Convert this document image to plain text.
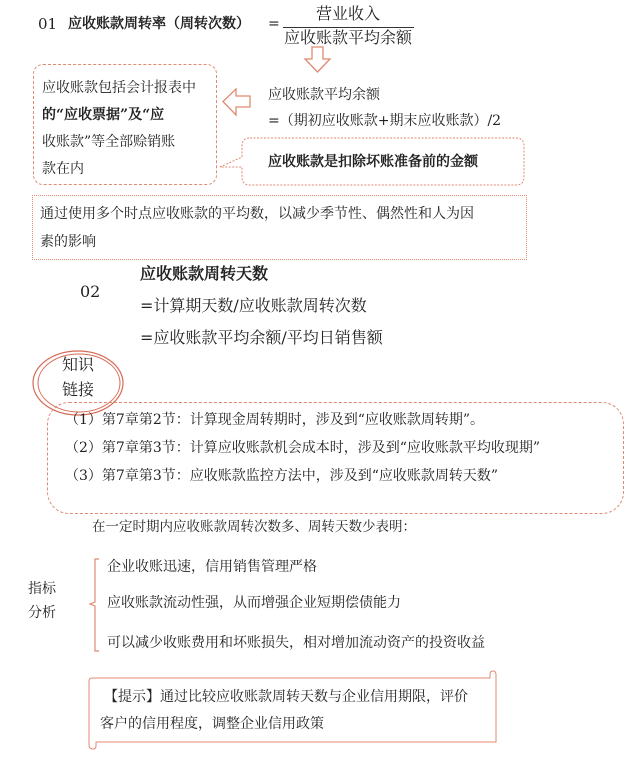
01 应收账款周转率（周转次数） =
营业收入
应收账款平均余额
应收账款包括会计报表中
的“应收票据”及“应
收账款”等全部赊销账
款在内
应收账款平均余额
=（期初应收账款+期末应收账款）/2
应收账款是扣除坏账准备前的金额
通过使用多个时点应收账款的平均数，以减少季节性、偶然性和人为因
素的影响
02
应收账款周转天数
=计算期天数/应收账款周转次数
=应收账款平均余额/平均日销售额
知识
链接
（1）第7章第2节：计算现金周转期时，涉及到“应收账款周转期”。
（2）第7章第3节：计算应收账款机会成本时，涉及到“应收账款平均收现期”
（3）第7章第3节：应收账款监控方法中，涉及到“应收账款周转天数”
在一定时期内应收账款周转次数多、周转天数少表明：
指标
分析
企业收账迅速，信用销售管理严格
应收账款流动性强，从而增强企业短期偿债能力
可以减少收账费用和坏账损失，相对增加流动资产的投资收益
【提示】通过比较应收账款周转天数与企业信用期限，评价
客户的信用程度，调整企业信用政策
